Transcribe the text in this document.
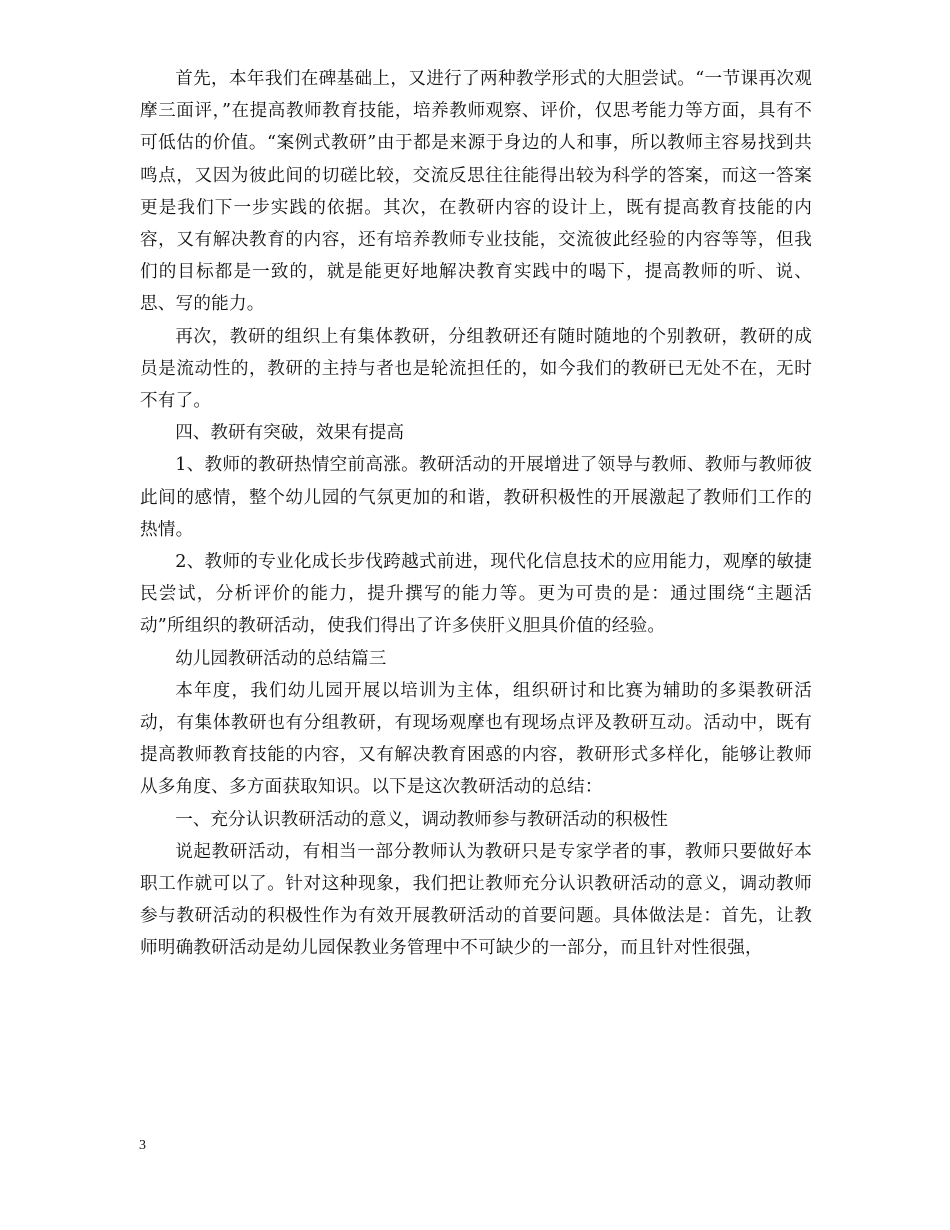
首先，本年我们在碑基础上，又进行了两种教学形式的大胆尝试。“一节课再次观摩三面评，”在提高教师教育技能，培养教师观察、评价，仅思考能力等方面，具有不可低估的价值。“案例式教研”由于都是来源于身边的人和事，所以教师主容易找到共鸣点，又因为彼此间的切磋比较，交流反思往往能得出较为科学的答案，而这一答案更是我们下一步实践的依据。其次，在教研内容的设计上，既有提高教育技能的内容，又有解决教育的内容，还有培养教师专业技能，交流彼此经验的内容等等，但我们的目标都是一致的，就是能更好地解决教育实践中的喝下，提高教师的听、说、思、写的能力。

再次，教研的组织上有集体教研，分组教研还有随时随地的个别教研，教研的成员是流动性的，教研的主持与者也是轮流担任的，如今我们的教研已无处不在，无时不有了。

四、教研有突破，效果有提高

1、教师的教研热情空前高涨。教研活动的开展增进了领导与教师、教师与教师彼此间的感情，整个幼儿园的气氛更加的和谐，教研积极性的开展激起了教师们工作的热情。

2、教师的专业化成长步伐跨越式前进，现代化信息技术的应用能力，观摩的敏捷民尝试，分析评价的能力，提升撰写的能力等。更为可贵的是：通过围绕“主题活动”所组织的教研活动，使我们得出了许多侠肝义胆具价值的经验。

幼儿园教研活动的总结篇三

本年度，我们幼儿园开展以培训为主体，组织研讨和比赛为辅助的多渠教研活动，有集体教研也有分组教研，有现场观摩也有现场点评及教研互动。活动中，既有提高教师教育技能的内容，又有解决教育困惑的内容，教研形式多样化，能够让教师从多角度、多方面获取知识。以下是这次教研活动的总结：

一、充分认识教研活动的意义，调动教师参与教研活动的积极性

说起教研活动，有相当一部分教师认为教研只是专家学者的事，教师只要做好本职工作就可以了。针对这种现象，我们把让教师充分认识教研活动的意义，调动教师参与教研活动的积极性作为有效开展教研活动的首要问题。具体做法是：首先，让教师明确教研活动是幼儿园保教业务管理中不可缺少的一部分，而且针对性很强，

3
